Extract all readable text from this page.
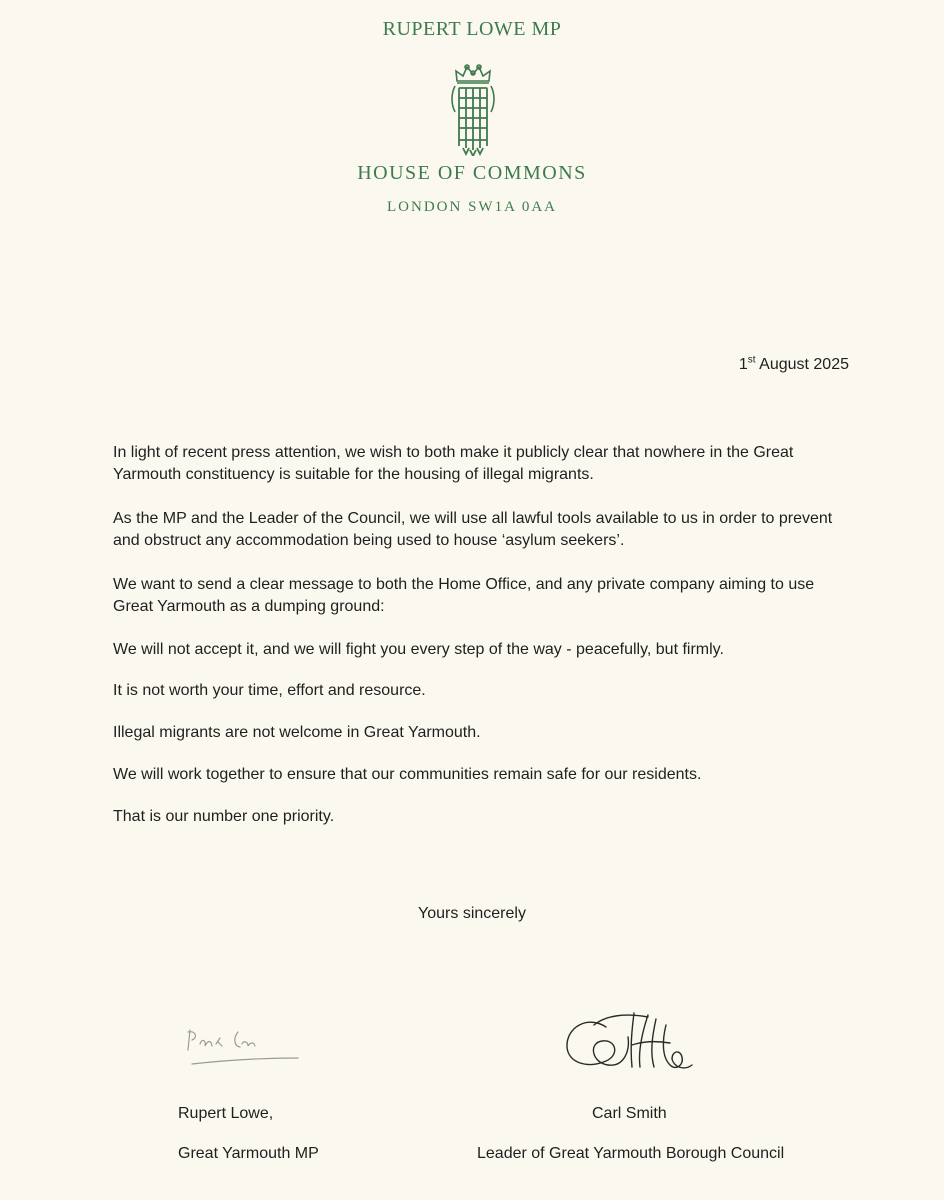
RUPERT LOWE MP
HOUSE OF COMMONS
LONDON SW1A 0AA
1st August 2025

In light of recent press attention, we wish to both make it publicly clear that nowhere in the Great Yarmouth constituency is suitable for the housing of illegal migrants.

As the MP and the Leader of the Council, we will use all lawful tools available to us in order to prevent and obstruct any accommodation being used to house ‘asylum seekers’.

We want to send a clear message to both the Home Office, and any private company aiming to use Great Yarmouth as a dumping ground:

We will not accept it, and we will fight you every step of the way - peacefully, but firmly.

It is not worth your time, effort and resource.

Illegal migrants are not welcome in Great Yarmouth.

We will work together to ensure that our communities remain safe for our residents.

That is our number one priority.

Yours sincerely
Rupert Lowe,
Great Yarmouth MP
Carl Smith
Leader of Great Yarmouth Borough Council
